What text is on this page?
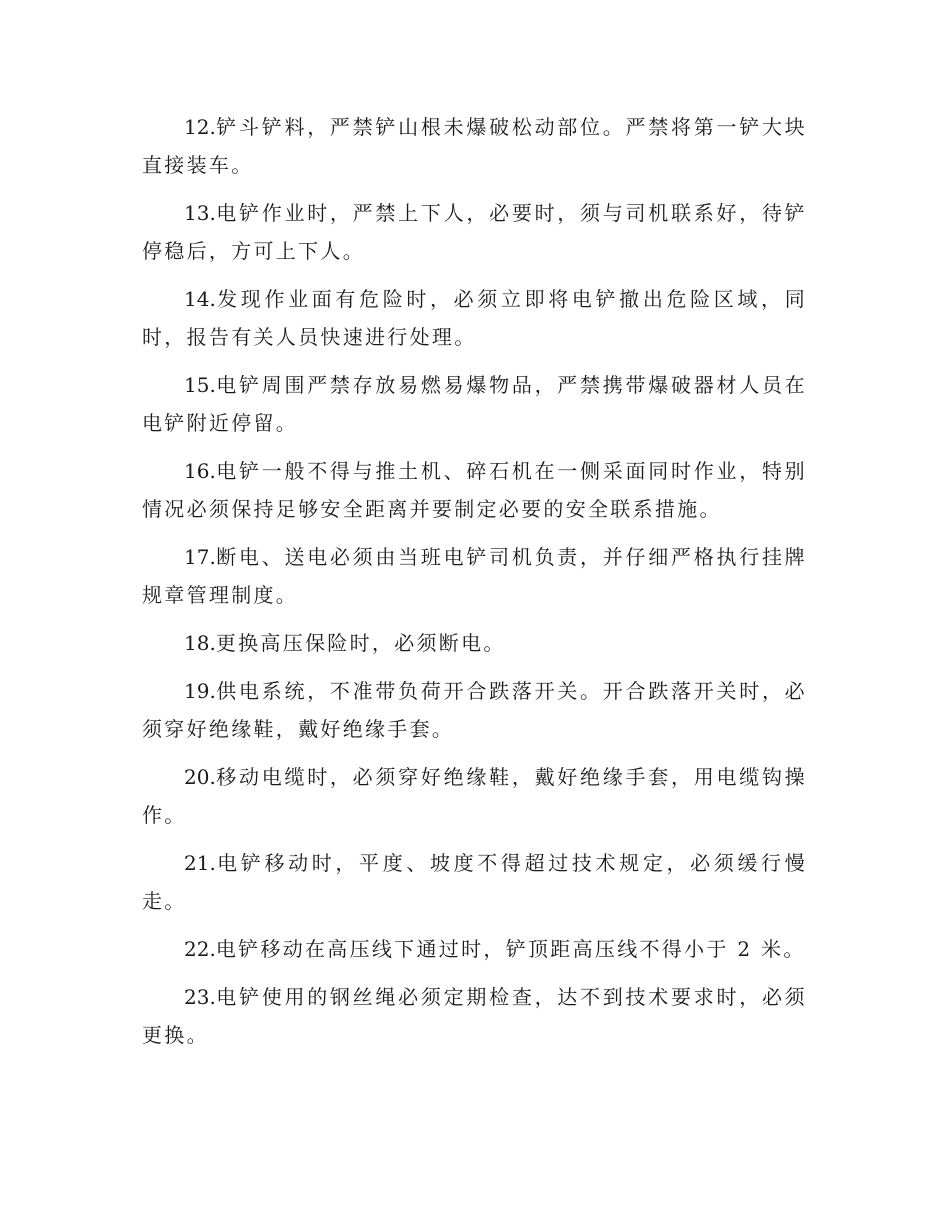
12.铲斗铲料，严禁铲山根未爆破松动部位。严禁将第一铲大块直接装车。

13.电铲作业时，严禁上下人，必要时，须与司机联系好，待铲停稳后，方可上下人。

14.发现作业面有危险时，必须立即将电铲撤出危险区域，同时，报告有关人员快速进行处理。

15.电铲周围严禁存放易燃易爆物品，严禁携带爆破器材人员在电铲附近停留。

16.电铲一般不得与推土机、碎石机在一侧采面同时作业，特别情况必须保持足够安全距离并要制定必要的安全联系措施。

17.断电、送电必须由当班电铲司机负责，并仔细严格执行挂牌规章管理制度。

18.更换高压保险时，必须断电。

19.供电系统，不准带负荷开合跌落开关。开合跌落开关时，必须穿好绝缘鞋，戴好绝缘手套。

20.移动电缆时，必须穿好绝缘鞋，戴好绝缘手套，用电缆钩操作。

21.电铲移动时，平度、坡度不得超过技术规定，必须缓行慢走。

22.电铲移动在高压线下通过时，铲顶距高压线不得小于 2 米。

23.电铲使用的钢丝绳必须定期检查，达不到技术要求时，必须更换。
